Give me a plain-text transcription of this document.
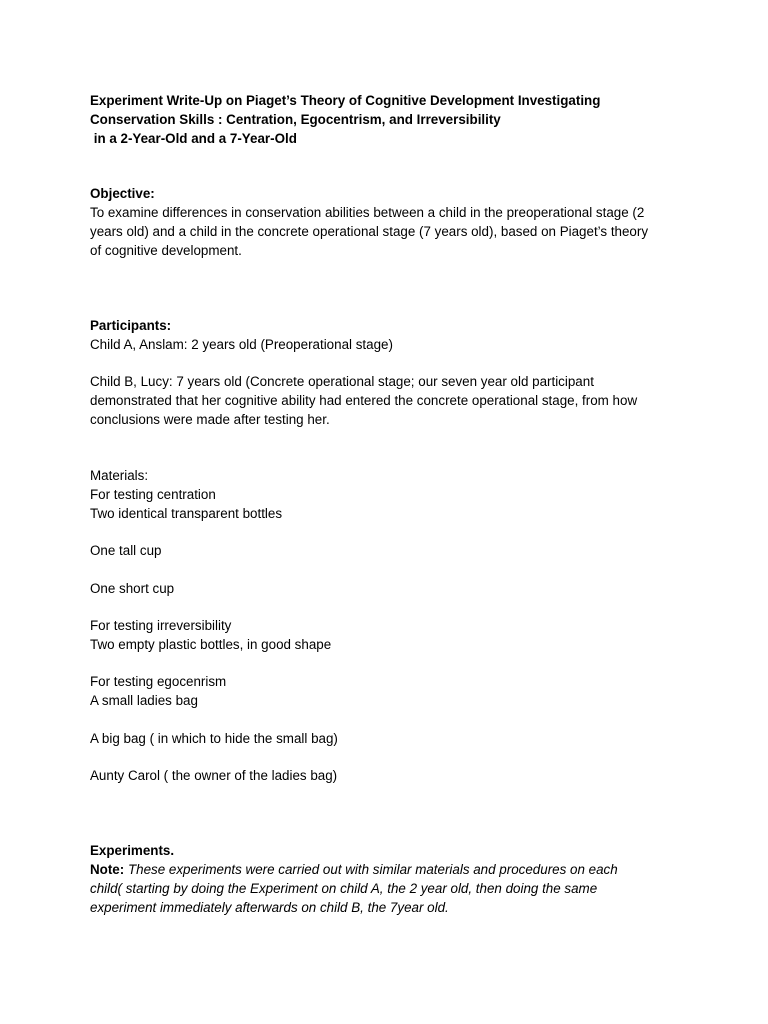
Experiment Write-Up on Piaget’s Theory of Cognitive Development Investigating
Conservation Skills : Centration, Egocentrism, and Irreversibility
in a 2-Year-Old and a 7-Year-Old
Objective:
To examine differences in conservation abilities between a child in the preoperational stage (2
years old) and a child in the concrete operational stage (7 years old), based on Piaget’s theory
of cognitive development.
Participants:
Child A, Anslam: 2 years old (Preoperational stage)
Child B, Lucy: 7 years old (Concrete operational stage; our seven year old participant
demonstrated that her cognitive ability had entered the concrete operational stage, from how
conclusions were made after testing her.
Materials:
For testing centration
Two identical transparent bottles
One tall cup
One short cup
For testing irreversibility
Two empty plastic bottles, in good shape
For testing egocenrism
A small ladies bag
A big bag ( in which to hide the small bag)
Aunty Carol ( the owner of the ladies bag)
Experiments.
Note: These experiments were carried out with similar materials and procedures on each
child( starting by doing the Experiment on child A, the 2 year old, then doing the same
experiment immediately afterwards on child B, the 7year old.
